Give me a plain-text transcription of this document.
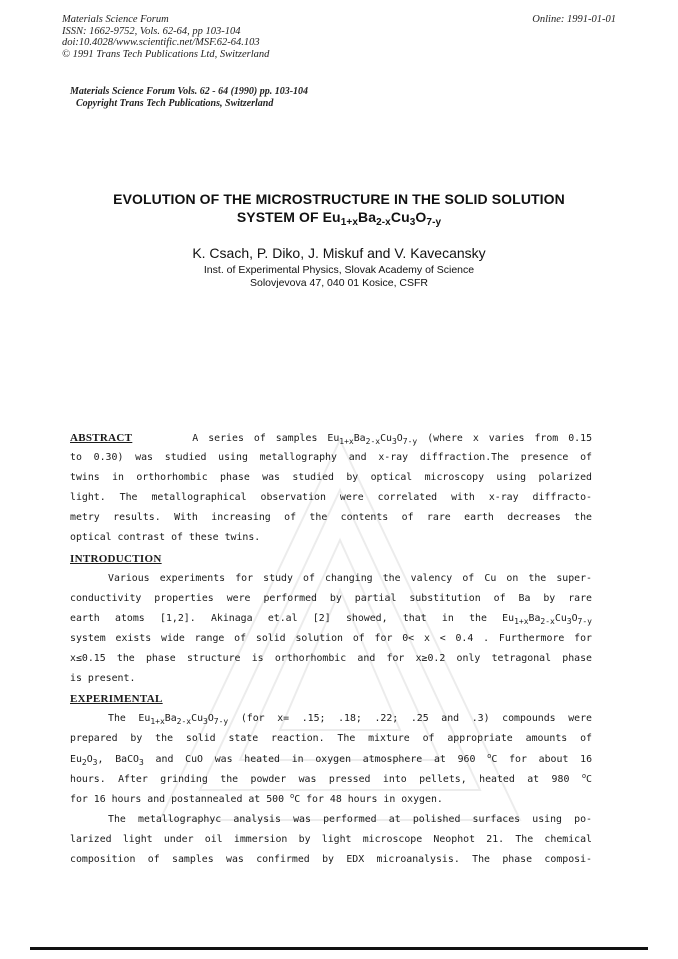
Materials Science Forum
ISSN: 1662-9752, Vols. 62-64, pp 103-104
doi:10.4028/www.scientific.net/MSF.62-64.103
© 1991 Trans Tech Publications Ltd, Switzerland
Online: 1991-01-01
Materials Science Forum Vols. 62 - 64 (1990) pp. 103-104
Copyright Trans Tech Publications, Switzerland
EVOLUTION OF THE MICROSTRUCTURE IN THE SOLID SOLUTION
SYSTEM OF $Eu_{1+x}Ba_{2-x}Cu_3O_{7-y}$
K. Csach, P. Diko, J. Miskuf and V. Kavecansky
Inst. of Experimental Physics, Slovak Academy of Science
Solovjevova 47, 040 01 Kosice, CSFR
ABSTRACT	A series of samples $Eu_{1+x}Ba_{2-x}Cu_3O_{7-y}$ (where x varies from 0.15
to 0.30) was studied using metallography and x-ray diffraction.The presence of
twins in orthorhombic phase was studied by optical microscopy using polarized
light. The metallographical observation were correlated with x-ray diffracto-
metry results. With increasing of the contents of rare earth decreases the
optical contrast of these twins.
INTRODUCTION
Various experiments for study of changing the valency of Cu on the super-
conductivity properties were performed by partial substitution of Ba by rare
earth atoms [1,2]. Akinaga et.al [2] showed, that in the $Eu_{1+x}Ba_{2-x}Cu_3O_{7-y}$
system exists wide range of solid solution of for 0< x < 0.4 . Furthermore for
x≤0.15 the phase structure is orthorhombic and for x≥0.2 only tetragonal phase
is present.
EXPERIMENTAL
The $Eu_{1+x}Ba_{2-x}Cu_3O_{7-y}$ (for x= .15; .18; .22; .25 and .3) compounds were
prepared by the solid state reaction. The mixture of appropriate amounts of
$Eu_2O_3$, BaCO$_3$ and CuO was heated in oxygen atmosphere at 960 $^o$C for about 16
hours. After grinding the powder was pressed into pellets, heated at 980 $^o$C
for 16 hours and postannealed at 500 $^o$C for 48 hours in oxygen.
The metallographyc analysis was performed at polished surfaces using po-
larized light under oil immersion by light microscope Neophot 21. The chemical
composition of samples was confirmed by EDX microanalysis. The phase composi-
